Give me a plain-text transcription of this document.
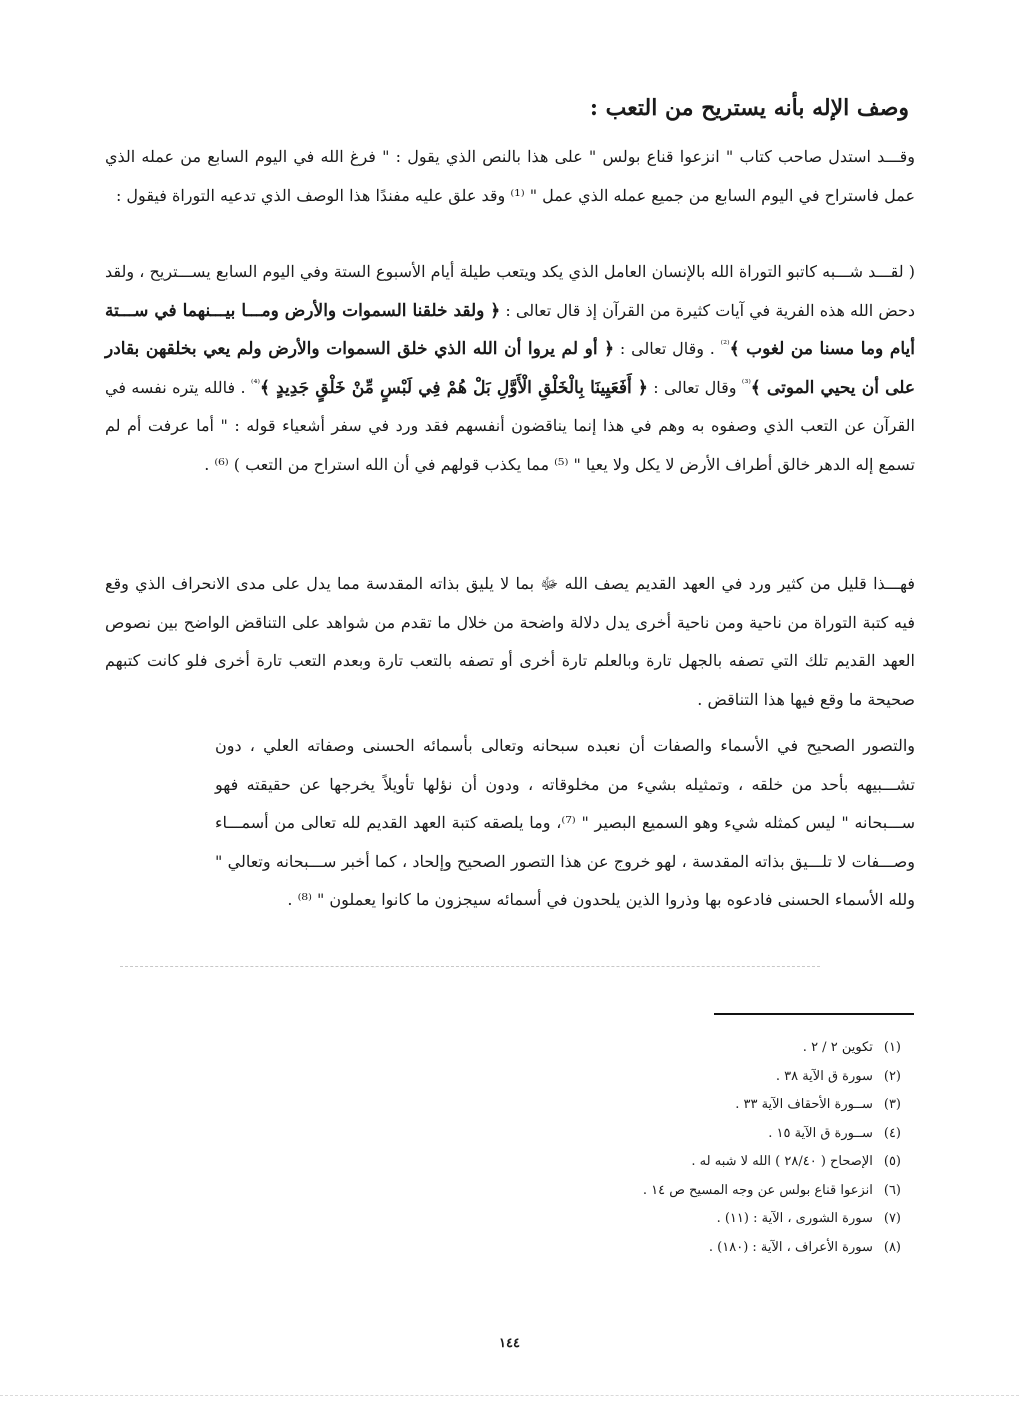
وصف الإله بأنه يستريح من التعب :

وقـــد استدل صاحب كتاب " انزعوا قناع بولس " على هذا بالنص الذي يقول : " فرغ الله في اليوم السابع من عمله الذي عمل فاستراح في اليوم السابع من جميع عمله الذي عمل " ⁽¹⁾ وقد علق عليه مفندًا هذا الوصف الذي تدعيه التوراة فيقول :

( لقـــد شـــبه كاتبو التوراة الله بالإنسان العامل الذي يكد ويتعب طيلة أيام الأسبوع الستة وفي اليوم السابع يســـتريح ، ولقد دحض الله هذه الفرية في آيات كثيرة من القرآن إذ قال تعالى : ﴿ ولقد خلقنا السموات والأرض ومـــا بيـــنهما في ســـتة أيام وما مسنا من لغوب ﴾$^{^{(2)}}$ . وقال تعالى : ﴿ أو لم يروا أن الله الذي خلق السموات والأرض ولم يعي بخلقهن بقادر على أن يحيي الموتى ﴾$^{^{(3)}}$ وقال تعالى : ﴿ أَفَعَيِينَا بِالْخَلْقِ الْأَوَّلِ بَلْ هُمْ فِي لَبْسٍ مِّنْ خَلْقٍ جَدِيدٍ ﴾$^{^{(4)}}$ . فالله يتره نفسه في القرآن عن التعب الذي وصفوه به وهم في هذا إنما يناقضون أنفسهم فقد ورد في سفر أشعياء قوله : " أما عرفت أم لم تسمع إله الدهر خالق أطراف الأرض لا يكل ولا يعيا " ⁽⁵⁾ مما يكذب قولهم في أن الله استراح من التعب ) ⁽⁶⁾ .

فهـــذا قليل من كثير ورد في العهد القديم يصف الله ﷻ بما لا يليق بذاته المقدسة مما يدل على مدى الانحراف الذي وقع فيه كتبة التوراة من ناحية ومن ناحية أخرى يدل دلالة واضحة من خلال ما تقدم من شواهد على التناقض الواضح بين نصوص العهد القديم تلك التي تصفه بالجهل تارة وبالعلم تارة أخرى أو تصفه بالتعب تارة وبعدم التعب تارة أخرى فلو كانت كتبهم صحيحة ما وقع فيها هذا التناقض .

والتصور الصحيح في الأسماء والصفات أن نعبده سبحانه وتعالى بأسمائه الحسنى وصفاته العلي ، دون تشـــبيهه بأحد من خلقه ، وتمثيله بشيء من مخلوقاته ، ودون أن نؤلها تأويلاً يخرجها عن حقيقته فهو ســـبحانه " ليس كمثله شيء وهو السميع البصير " ⁽⁷⁾، وما يلصقه كتبة العهد القديم لله تعالى من أسمـــاء وصـــفات لا تلـــيق بذاته المقدسة ، لهو خروج عن هذا التصور الصحيح وإلحاد ، كما أخبر ســـبحانه وتعالي " ولله الأسماء الحسنى فادعوه بها وذروا الذين يلحدون في أسمائه سيجزون ما كانوا يعملون " ⁽⁸⁾ .

(١) تكوين ٢ / ٢ .
(٢) سورة ق الآية ٣٨ .
(٣) ســورة الأحقاف الآية ٣٣ .
(٤) ســورة ق الآية ١٥ .
(٥) الإصحاح ( ٢٨/٤٠ ) الله لا شبه له .
(٦) انزعوا قناع بولس عن وجه المسيح ص ١٤ .
(٧) سورة الشورى ، الآية : (١١) .
(٨) سورة الأعراف ، الآية : (١٨٠) .
١٤٤
